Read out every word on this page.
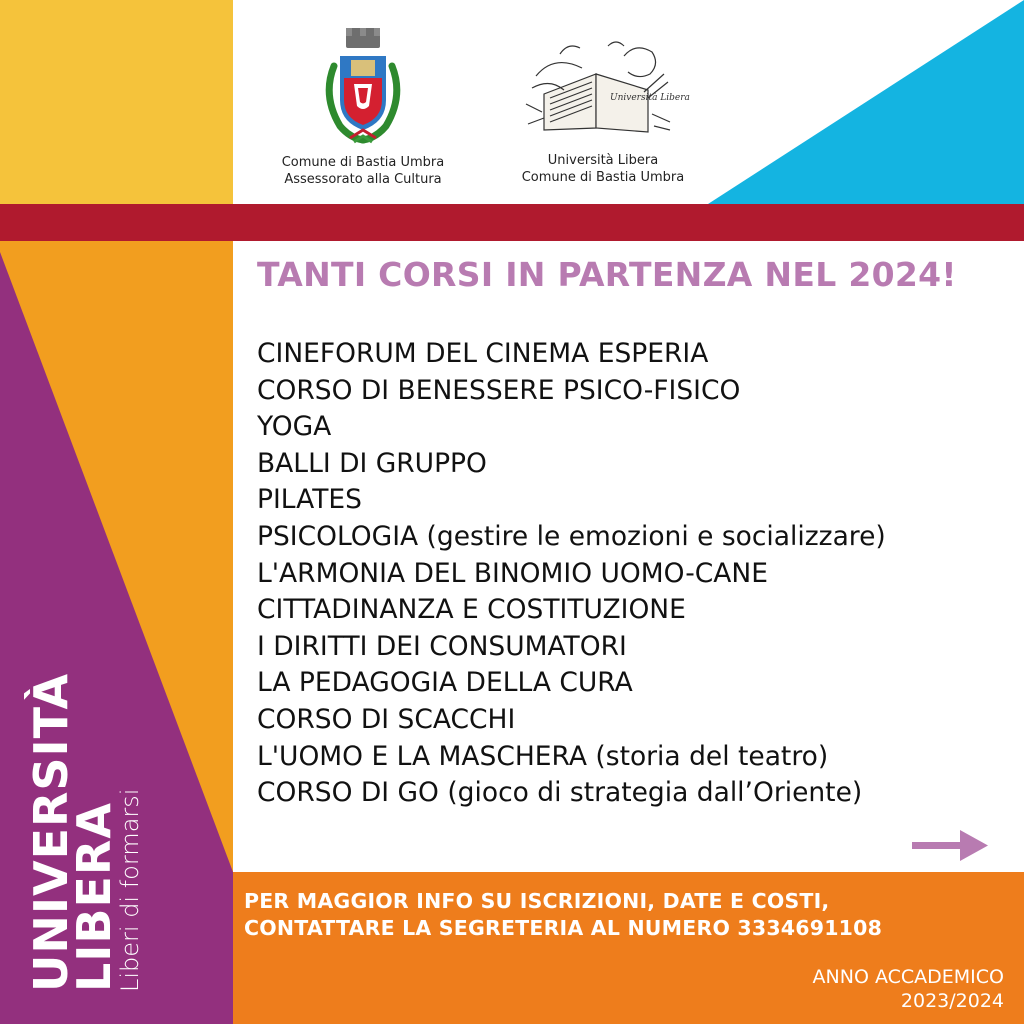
Comune di Bastia Umbra
Assessorato alla Cultura
Università Libera
Università Libera
Comune di Bastia Umbra
TANTI CORSI IN PARTENZA NEL 2024!
CINEFORUM DEL CINEMA ESPERIA
CORSO DI BENESSERE PSICO-FISICO
YOGA
BALLI DI GRUPPO
PILATES
PSICOLOGIA (gestire le emozioni e socializzare)
L'ARMONIA DEL BINOMIO UOMO-CANE
CITTADINANZA E COSTITUZIONE
I DIRITTI DEI CONSUMATORI
LA PEDAGOGIA DELLA CURA
CORSO DI SCACCHI
L'UOMO E LA MASCHERA (storia del teatro)
CORSO DI GO (gioco di strategia dall’Oriente)
PER MAGGIOR INFO SU ISCRIZIONI, DATE E COSTI,
CONTATTARE LA SEGRETERIA AL NUMERO 3334691108
ANNO ACCADEMICO
2023/2024
UNIVERSITÀ
LIBERA
Liberi di formarsi
